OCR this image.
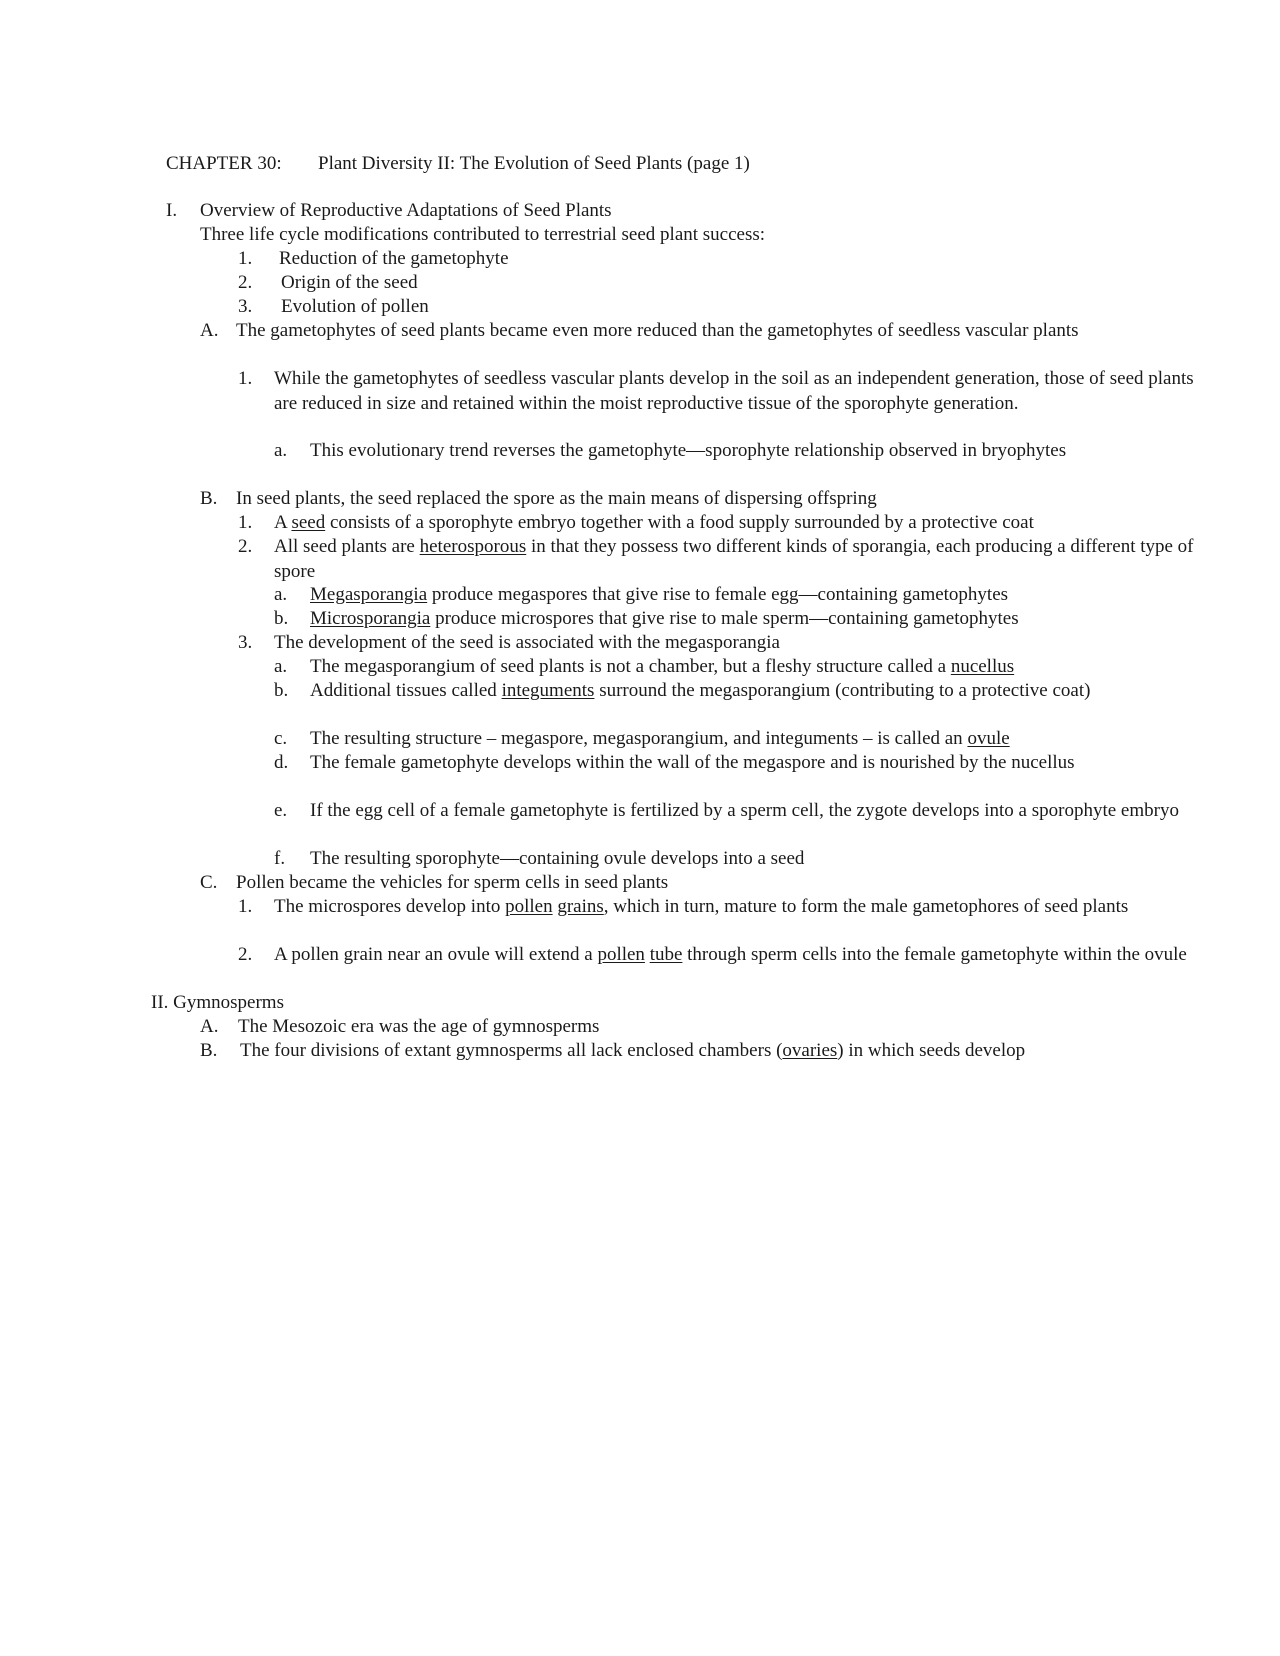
CHAPTER 30: Plant Diversity II: The Evolution of Seed Plants (page 1)
I. Overview of Reproductive Adaptations of Seed Plants
Three life cycle modifications contributed to terrestrial seed plant success:
1. Reduction of the gametophyte
2. Origin of the seed
3. Evolution of pollen
A. The gametophytes of seed plants became even more reduced than the gametophytes of seedless vascular plants
1. While the gametophytes of seedless vascular plants develop in the soil as an independent generation, those of seed plants are reduced in size and retained within the moist reproductive tissue of the sporophyte generation.
a. This evolutionary trend reverses the gametophyte—sporophyte relationship observed in bryophytes
B. In seed plants, the seed replaced the spore as the main means of dispersing offspring
1. A seed consists of a sporophyte embryo together with a food supply surrounded by a protective coat
2. All seed plants are heterosporous in that they possess two different kinds of sporangia, each producing a different type of spore
a. Megasporangia produce megaspores that give rise to female egg—containing gametophytes
b. Microsporangia produce microspores that give rise to male sperm—containing gametophytes
3. The development of the seed is associated with the megasporangia
a. The megasporangium of seed plants is not a chamber, but a fleshy structure called a nucellus
b. Additional tissues called integuments surround the megasporangium (contributing to a protective coat)
c. The resulting structure – megaspore, megasporangium, and integuments – is called an ovule
d. The female gametophyte develops within the wall of the megaspore and is nourished by the nucellus
e. If the egg cell of a female gametophyte is fertilized by a sperm cell, the zygote develops into a sporophyte embryo
f. The resulting sporophyte—containing ovule develops into a seed
C. Pollen became the vehicles for sperm cells in seed plants
1. The microspores develop into pollen grains, which in turn, mature to form the male gametophores of seed plants
2. A pollen grain near an ovule will extend a pollen tube through sperm cells into the female gametophyte within the ovule
II. Gymnosperms
A. The Mesozoic era was the age of gymnosperms
B. The four divisions of extant gymnosperms all lack enclosed chambers (ovaries) in which seeds develop
